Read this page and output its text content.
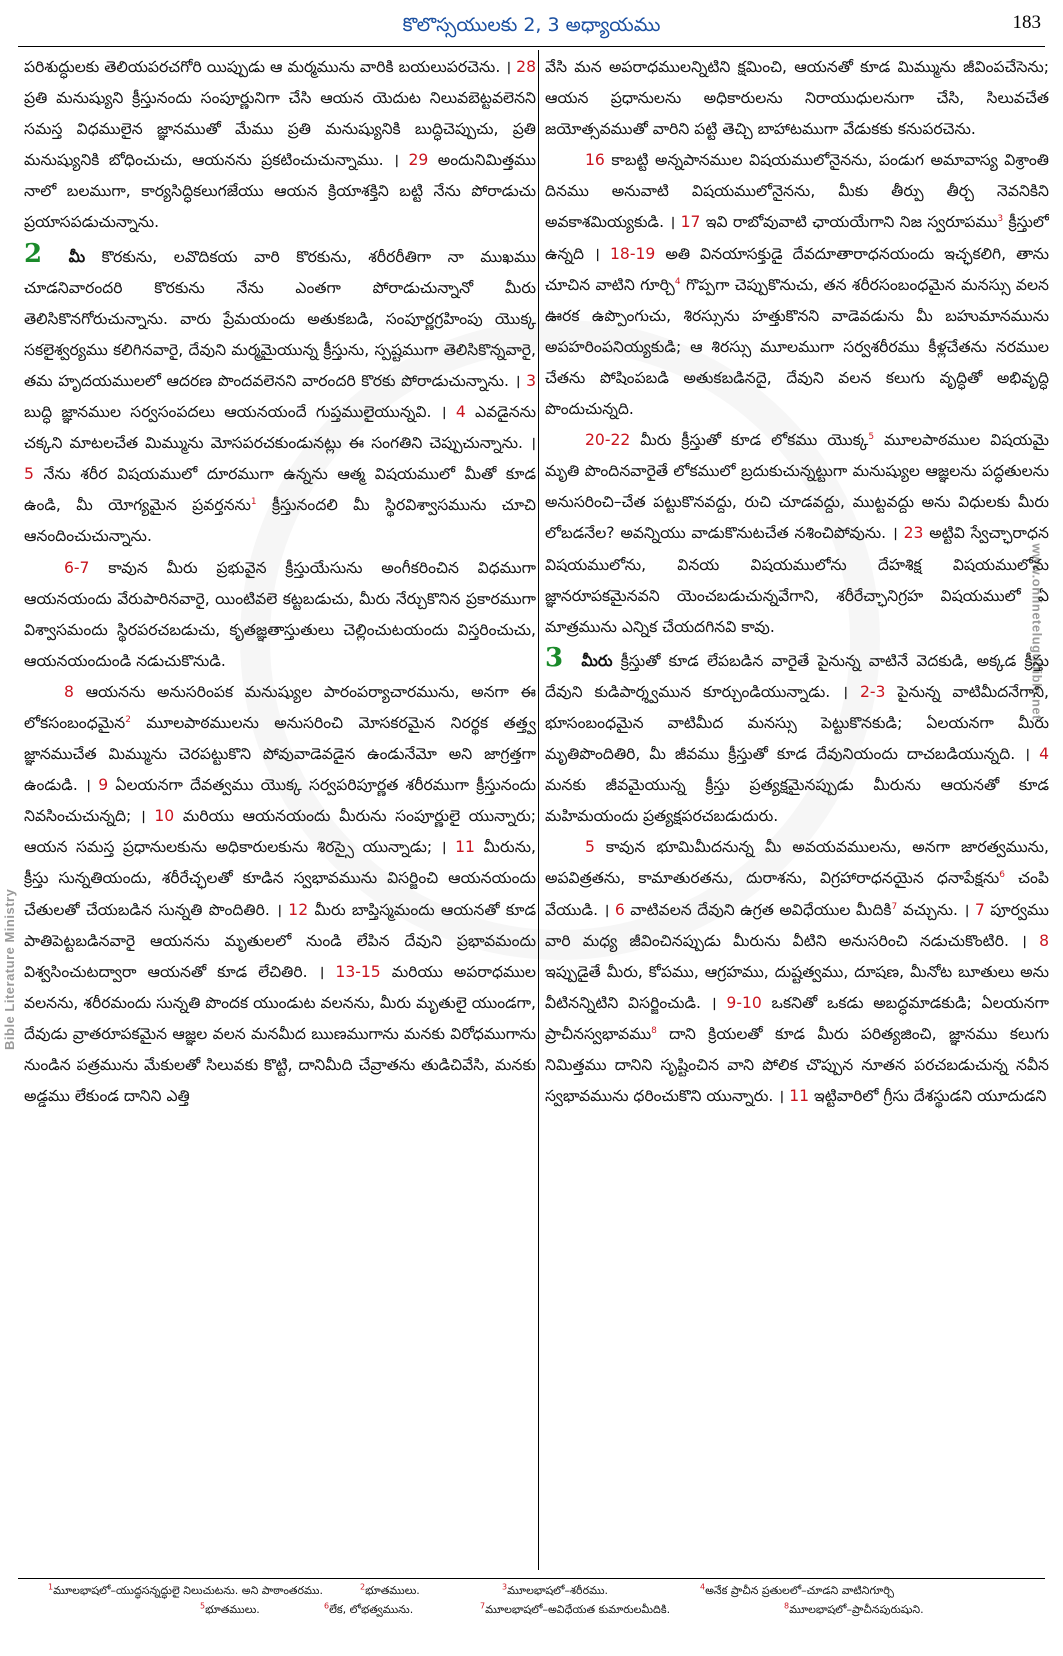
కొలొస్సయులకు 2, 3 అధ్యాయము	183
Bible Literature Ministry
www.onlinetelugubible.net

పరిశుద్ధులకు తెలియపరచగోరి యిప్పుడు ఆ మర్మమును వారికి బయలుపరచెను. । 28 ప్రతి మనుష్యుని క్రీస్తునందు సంపూర్ణునిగా చేసి ఆయన యెదుట నిలువబెట్టవలెనని సమస్త విధములైన జ్ఞానముతో మేము ప్రతి మనుష్యునికి బుద్ధిచెప్పుచు, ప్రతి మనుష్యునికి బోధించుచు, ఆయనను ప్రకటించుచున్నాము. । 29 అందునిమిత్తము నాలో బలముగా, కార్యసిద్ధికలుగజేయు ఆయన క్రియాశక్తిని బట్టి నేను పోరాడుచు ప్రయాసపడుచున్నాను.

2 మీ కొరకును, లవొదికయ వారి కొరకును, శరీరరీతిగా నా ముఖము చూడనివారందరి కొరకును నేను ఎంతగా పోరాడుచున్నానో మీరు తెలిసికొనగోరుచున్నాను. వారు ప్రేమయందు అతుకబడి, సంపూర్ణగ్రహింపు యొక్క సకలైశ్వర్యము కలిగినవారై, దేవుని మర్మమైయున్న క్రీస్తును, స్పష్టముగా తెలిసికొన్నవారై, తమ హృదయములలో ఆదరణ పొందవలెనని వారందరి కొరకు పోరాడుచున్నాను. । 3 బుద్ధి జ్ఞానముల సర్వసంపదలు ఆయనయందే గుప్తములైయున్నవి. । 4 ఎవడైనను చక్కని మాటలచేత మిమ్మును మోసపరచకుండునట్లు ఈ సంగతిని చెప్పుచున్నాను. । 5 నేను శరీర విషయములో దూరముగా ఉన్నను ఆత్మ విషయములో మీతో కూడ ఉండి, మీ యోగ్యమైన ప్రవర్తనను$^1$ క్రీస్తునందలి మీ స్థిరవిశ్వాసమును చూచి ఆనందించుచున్నాను.

6-7 కావున మీరు ప్రభువైన క్రీస్తుయేసును అంగీకరించిన విధముగా ఆయనయందు వేరుపారినవారై, యింటివలె కట్టబడుచు, మీరు నేర్చుకొనిన ప్రకారముగా విశ్వాసమందు స్థిరపరచబడుచు, కృతజ్ఞతాస్తుతులు చెల్లించుటయందు విస్తరించుచు, ఆయనయందుండి నడుచుకొనుడి.

8 ఆయనను అనుసరింపక మనుష్యుల పారంపర్యాచారమును, అనగా ఈ లోకసంబంధమైన$^2$ మూలపాఠములను అనుసరించి మోసకరమైన నిరర్థక తత్త్వ జ్ఞానముచేత మిమ్మును చెరపట్టుకొని పోవువాడెవడైన ఉండునేమో అని జాగ్రత్తగా ఉండుడి. । 9 ఏలయనగా దేవత్వము యొక్క సర్వపరిపూర్ణత శరీరముగా క్రీస్తునందు నివసించుచున్నది; । 10 మరియు ఆయనయందు మీరును సంపూర్ణులై యున్నారు; ఆయన సమస్త ప్రధానులకును అధికారులకును శిరస్సై యున్నాడు; । 11 మీరును, క్రీస్తు సున్నతియందు, శరీరేచ్ఛలతో కూడిన స్వభావమును విసర్జించి ఆయనయందు చేతులతో చేయబడిన సున్నతి పొందితిరి. । 12 మీరు బాప్తిస్మమందు ఆయనతో కూడ పాతిపెట్టబడినవారై ఆయనను మృతులలో నుండి లేపిన దేవుని ప్రభావమందు విశ్వసించుటద్వారా ఆయనతో కూడ లేచితిరి. । 13-15 మరియు అపరాధముల వలనను, శరీరమందు సున్నతి పొందక యుండుట వలనను, మీరు మృతులై యుండగా, దేవుడు వ్రాతరూపకమైన ఆజ్ఞల వలన మనమీద ఋణముగాను మనకు విరోధముగాను నుండిన పత్రమును మేకులతో సిలువకు కొట్టి, దానిమీది చేవ్రాతను తుడిచివేసి, మనకు అడ్డము లేకుండ దానిని ఎత్తి

వేసి మన అపరాధములన్నిటిని క్షమించి, ఆయనతో కూడ మిమ్మును జీవింపచేసెను; ఆయన ప్రధానులను అధికారులను నిరాయుధులనుగా చేసి, సిలువచేత జయోత్సవముతో వారిని పట్టి తెచ్చి బాహాటముగా వేడుకకు కనుపరచెను.

16 కాబట్టి అన్నపానముల విషయములోనైనను, పండుగ అమావాస్య విశ్రాంతి దినము అనువాటి విషయములోనైనను, మీకు తీర్పు తీర్చ నెవనికిని అవకాశమియ్యకుడి. । 17 ఇవి రాబోవువాటి ఛాయయేగాని నిజ స్వరూపము$^3$ క్రీస్తులో ఉన్నది । 18-19 అతి వినయాసక్తుడై దేవదూతారాధనయందు ఇచ్ఛకలిగి, తాను చూచిన వాటిని గూర్చి$^4$ గొప్పగా చెప్పుకొనుచు, తన శరీరసంబంధమైన మనస్సు వలన ఊరక ఉప్పొంగుచు, శిరస్సును హత్తుకొనని వాడెవడును మీ బహుమానమును అపహరింపనియ్యకుడి; ఆ శిరస్సు మూలముగా సర్వశరీరము కీళ్లచేతను నరముల చేతను పోషింపబడి అతుకబడినదై, దేవుని వలన కలుగు వృద్ధితో అభివృద్ధి పొందుచున్నది.

20-22 మీరు క్రీస్తుతో కూడ లోకము యొక్క$^5$ మూలపాఠముల విషయమై మృతి పొందినవారైతే లోకములో బ్రదుకుచున్నట్టుగా మనుష్యుల ఆజ్ఞలను పద్ధతులను అనుసరించి–చేత పట్టుకొనవద్దు, రుచి చూడవద్దు, ముట్టవద్దు అను విధులకు మీరు లోబడనేల? అవన్నియు వాడుకొనుటచేత నశించిపోవును. । 23 అట్టివి స్వేచ్ఛారాధన విషయములోను, వినయ విషయములోను దేహశిక్ష విషయములోను జ్ఞానరూపకమైనవని యెంచబడుచున్నవేగాని, శరీరేచ్ఛానిగ్రహ విషయములో ఏ మాత్రమును ఎన్నిక చేయదగినవి కావు.

3 మీరు క్రీస్తుతో కూడ లేపబడిన వారైతే పైనున్న వాటినే వెదకుడి, అక్కడ క్రీస్తు దేవుని కుడిపార్శ్వమున కూర్చుండియున్నాడు. । 2-3 పైనున్న వాటిమీదనేగాని, భూసంబంధమైన వాటిమీద మనస్సు పెట్టుకొనకుడి; ఏలయనగా మీరు మృతిపొందితిరి, మీ జీవము క్రీస్తుతో కూడ దేవునియందు దాచబడియున్నది. । 4 మనకు జీవమైయున్న క్రీస్తు ప్రత్యక్షమైనప్పుడు మీరును ఆయనతో కూడ మహిమయందు ప్రత్యక్షపరచబడుదురు.

5 కావున భూమిమీదనున్న మీ అవయవములను, అనగా జారత్వమును, అపవిత్రతను, కామాతురతను, దురాశను, విగ్రహారాధనయైన ధనాపేక్షను$^6$ చంపి వేయుడి. । 6 వాటివలన దేవుని ఉగ్రత అవిధేయుల మీదికి$^7$ వచ్చును. । 7 పూర్వము వారి మధ్య జీవించినప్పుడు మీరును వీటిని అనుసరించి నడుచుకొంటిరి. । 8 ఇప్పుడైతే మీరు, కోపము, ఆగ్రహము, దుష్టత్వము, దూషణ, మీనోట బూతులు అను వీటినన్నిటిని విసర్జించుడి. । 9-10 ఒకనితో ఒకడు అబద్ధమాడకుడి; ఏలయనగా ప్రాచీనస్వభావము$^8$ దాని క్రియలతో కూడ మీరు పరిత్యజించి, జ్ఞానము కలుగు నిమిత్తము దానిని సృష్టించిన వాని పోలిక చొప్పున నూతన పరచబడుచున్న నవీన స్వభావమును ధరించుకొని యున్నారు. । 11 ఇట్టివారిలో గ్రీసు దేశస్థుడని యూదుడని

$^1$మూలభాషలో–యుద్ధసన్నద్ధులై నిలుచుటను. అని పాఠాంతరము.	$^2$భూతములు.	$^3$మూలభాషలో–శరీరము.	$^4$అనేక ప్రాచీన ప్రతులలో–చూడని వాటినిగూర్చి
$^5$భూతములు.	$^6$లేక, లోభత్వమును.	$^7$మూలభాషలో–అవిధేయత కుమారులమీదికి.	$^8$మూలభాషలో–ప్రాచీనపురుషుని.
